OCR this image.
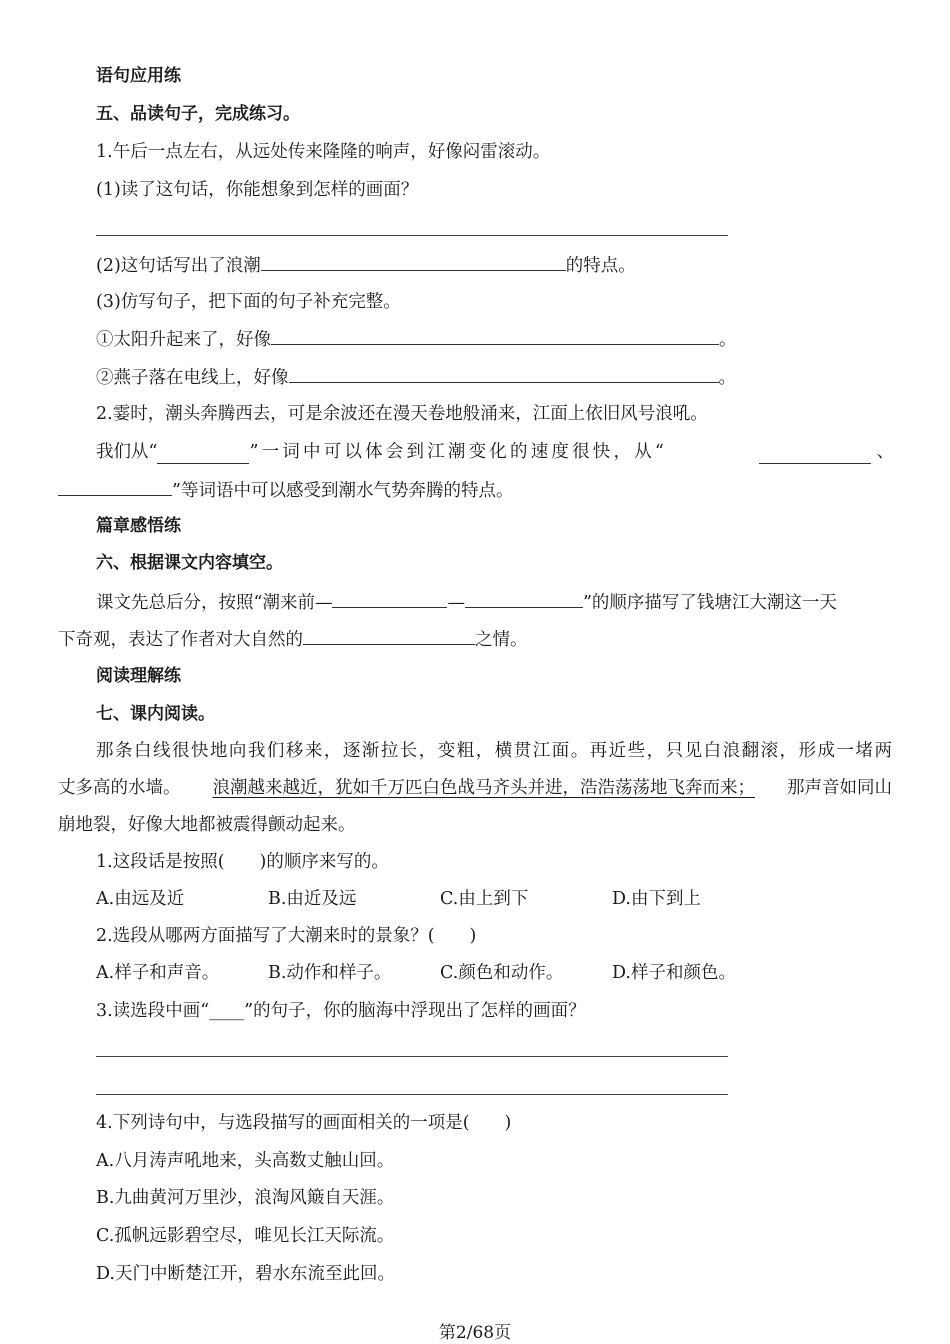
语句应用练
五、品读句子，完成练习。
1.午后一点左右，从远处传来隆隆的响声，好像闷雷滚动。
(1)读了这句话，你能想象到怎样的画面？
(2)这句话写出了浪潮	的特点。
(3)仿写句子，把下面的句子补充完整。
①太阳升起来了，好像	。
②燕子落在电线上，好像	。
2.霎时，潮头奔腾西去，可是余波还在漫天卷地般涌来，江面上依旧风号浪吼。
我们从“	”一词中可以体会到江潮变化的速度很快，从“	、
”等词语中可以感受到潮水气势奔腾的特点。
篇章感悟练
六、根据课文内容填空。
课文先总后分，按照“潮来前—	—	”的顺序描写了钱塘江大潮这一天
下奇观，表达了作者对大自然的	之情。
阅读理解练
七、课内阅读。
那条白线很快地向我们移来，逐渐拉长，变粗，横贯江面。再近些，只见白浪翻滚，形成一堵两
丈多高的水墙。 浪潮越来越近，犹如千万匹白色战马齐头并进，浩浩荡荡地飞奔而来； 那声音如同山
崩地裂，好像大地都被震得颤动起来。
1.这段话是按照(　　)的顺序来写的。
A.由远及近	B.由近及远	C.由上到下	D.由下到上
2.选段从哪两方面描写了大潮来时的景象？(　　)
A.样子和声音。	B.动作和样子。	C.颜色和动作。	D.样子和颜色。
3.读选段中画“____”的句子，你的脑海中浮现出了怎样的画面？
4.下列诗句中，与选段描写的画面相关的一项是(　　)
A.八月涛声吼地来，头高数丈触山回。
B.九曲黄河万里沙，浪淘风簸自天涯。
C.孤帆远影碧空尽，唯见长江天际流。
D.天门中断楚江开，碧水东流至此回。
第2/68页
